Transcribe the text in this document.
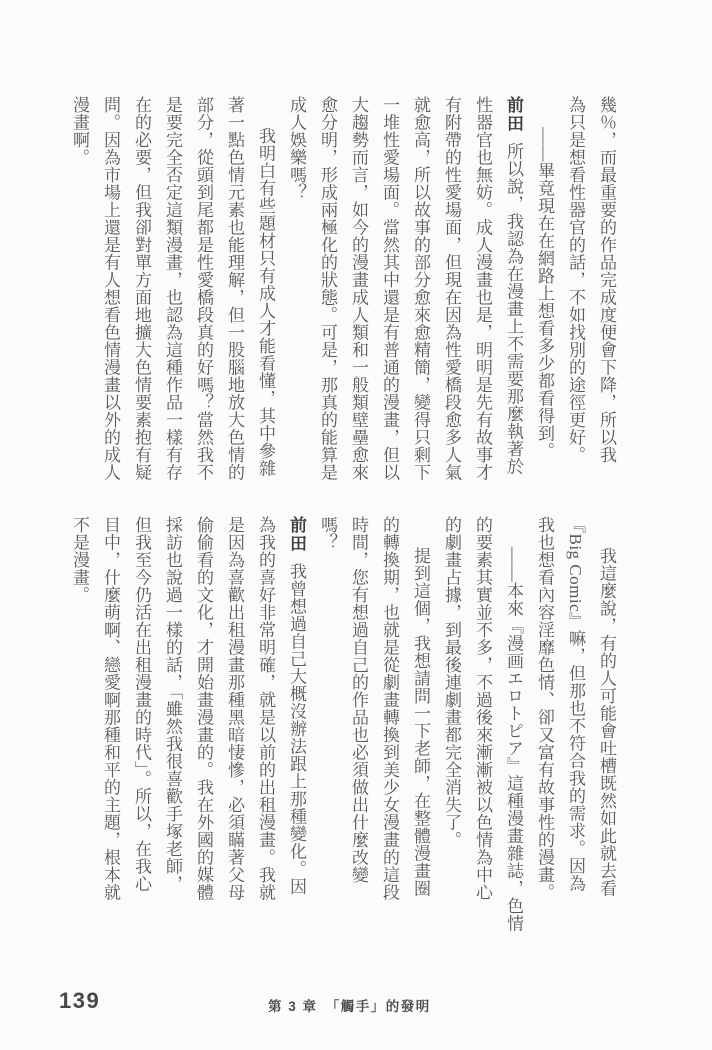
幾％，而最重要的作品完成度便會下降，所以我
為只是想看性器官的話，不如找別的途徑更好。
——畢竟現在在網路上想看多少都看得到。
前田所以說，我認為在漫畫上不需要那麼執著於
性器官也無妨。成人漫畫也是，明明是先有故事才
有附帶的性愛場面，但現在因為性愛橋段愈多人氣
就愈高，所以故事的部分愈來愈精簡，變得只剩下
一堆性愛場面。當然其中還是有普通的漫畫，但以
大趨勢而言，如今的漫畫成人類和一般類壁壘愈來
愈分明，形成兩極化的狀態。可是，那真的能算是
成人娛樂嗎？
我明白有些題材只有成人才能看懂，其中參雜
著一點色情元素也能理解，但一股腦地放大色情的
部分，從頭到尾都是性愛橋段真的好嗎？當然我不
是要完全否定這類漫畫，也認為這種作品一樣有存
在的必要，但我卻對單方面地擴大色情要素抱有疑
問。因為市場上還是有人想看色情漫畫以外的成人
漫畫啊。
我這麼說，有的人可能會吐槽既然如此就去看
『Big Comic』嘛，但那也不符合我的需求。因為
我也想看內容淫靡色情、卻又富有故事性的漫畫。
——本來『漫画エロトピア』這種漫畫雜誌，色情
的要素其實並不多，不過後來漸漸被以色情為中心
的劇畫占據，到最後連劇畫都完全消失了。
提到這個，我想請問一下老師，在整體漫畫圈
的轉換期，也就是從劇畫轉換到美少女漫畫的這段
時間，您有想過自己的作品也必須做出什麼改變
嗎？
前田我曾想過自己大概沒辦法跟上那種變化。因
為我的喜好非常明確，就是以前的出租漫畫。我就
是因為喜歡出租漫畫那種黑暗悽慘，必須瞞著父母
偷偷看的文化，才開始畫漫畫的。我在外國的媒體
採訪也說過一樣的話，「雖然我很喜歡手塚老師，
但我至今仍活在出租漫畫的時代」。所以，在我心
目中，什麼萌啊、戀愛啊那種和平的主題，根本就
不是漫畫。
139	第 3 章　「觸手」的發明
